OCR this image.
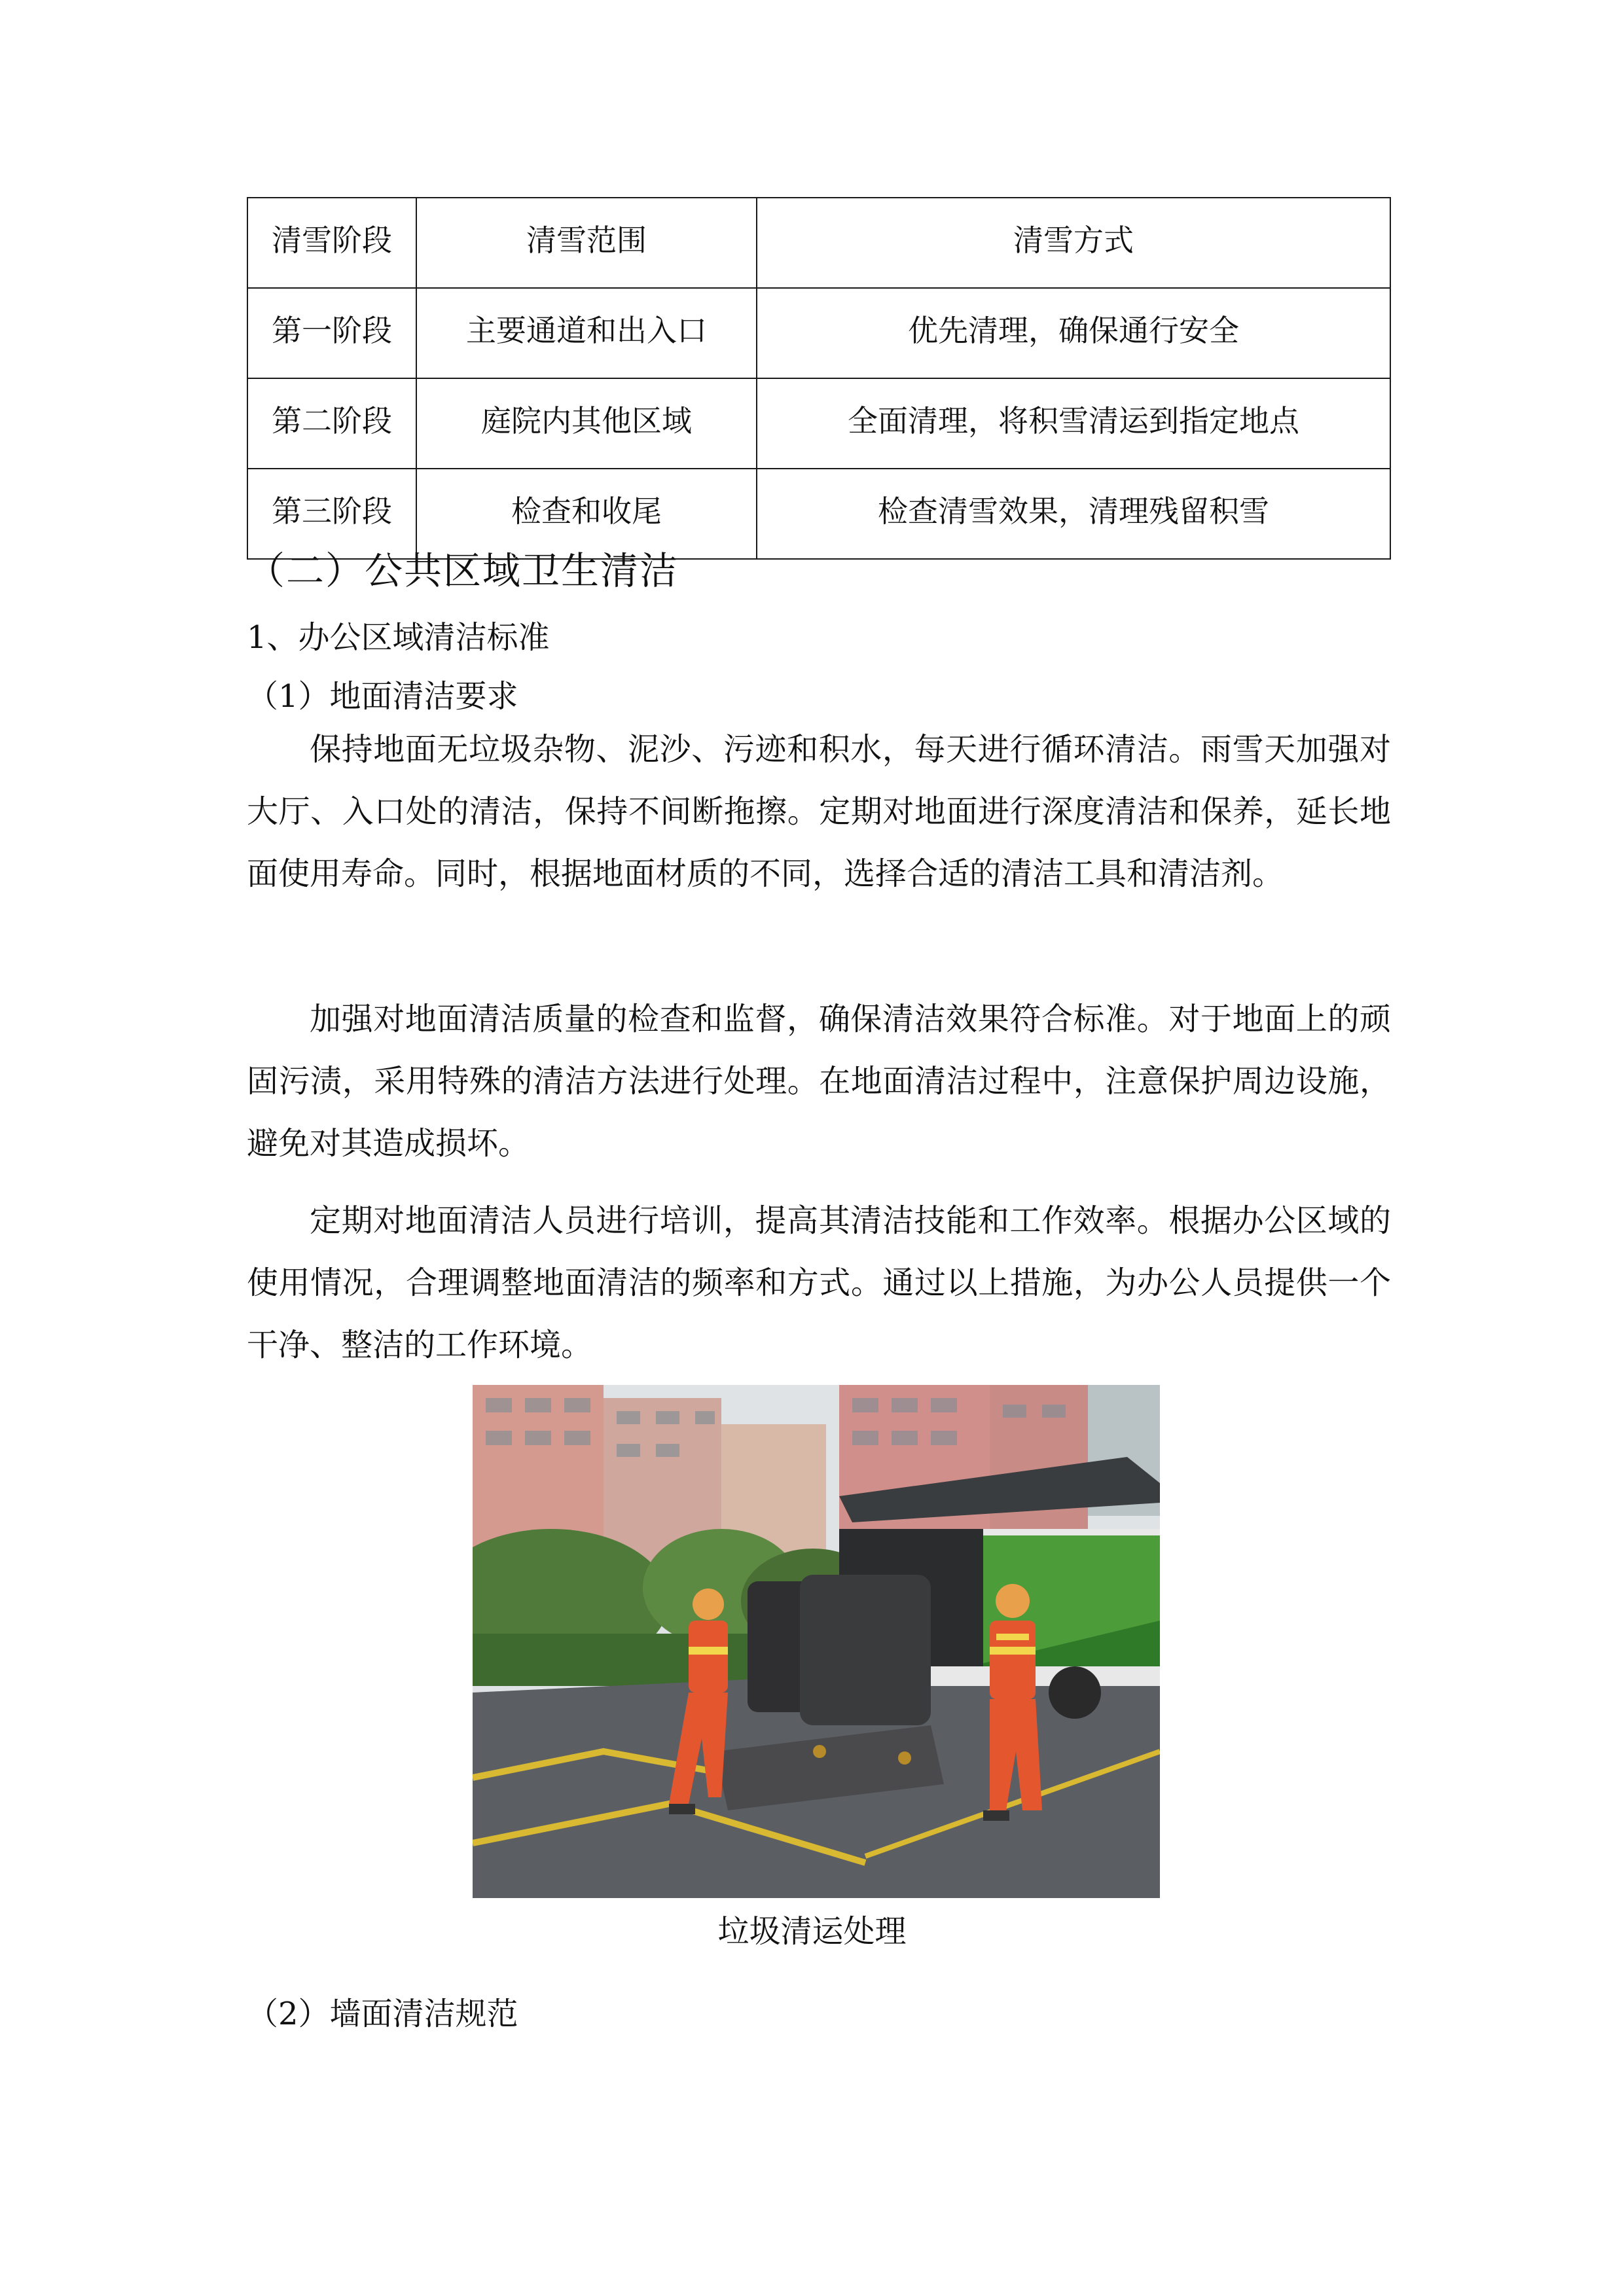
清雪阶段	清雪范围	清雪方式
第一阶段	主要通道和出入口	优先清理，确保通行安全
第二阶段	庭院内其他区域	全面清理，将积雪清运到指定地点
第三阶段	检查和收尾	检查清雪效果，清理残留积雪
（二）公共区域卫生清洁
1、办公区域清洁标准
（1）地面清洁要求

保持地面无垃圾杂物、泥沙、污迹和积水，每天进行循环清洁。雨雪天加强对大厅、入口处的清洁，保持不间断拖擦。定期对地面进行深度清洁和保养，延长地面使用寿命。同时，根据地面材质的不同，选择合适的清洁工具和清洁剂。

加强对地面清洁质量的检查和监督，确保清洁效果符合标准。对于地面上的顽固污渍，采用特殊的清洁方法进行处理。在地面清洁过程中，注意保护周边设施，避免对其造成损坏。

定期对地面清洁人员进行培训，提高其清洁技能和工作效率。根据办公区域的使用情况，合理调整地面清洁的频率和方式。通过以上措施，为办公人员提供一个干净、整洁的工作环境。

垃圾清运处理
（2）墙面清洁规范
